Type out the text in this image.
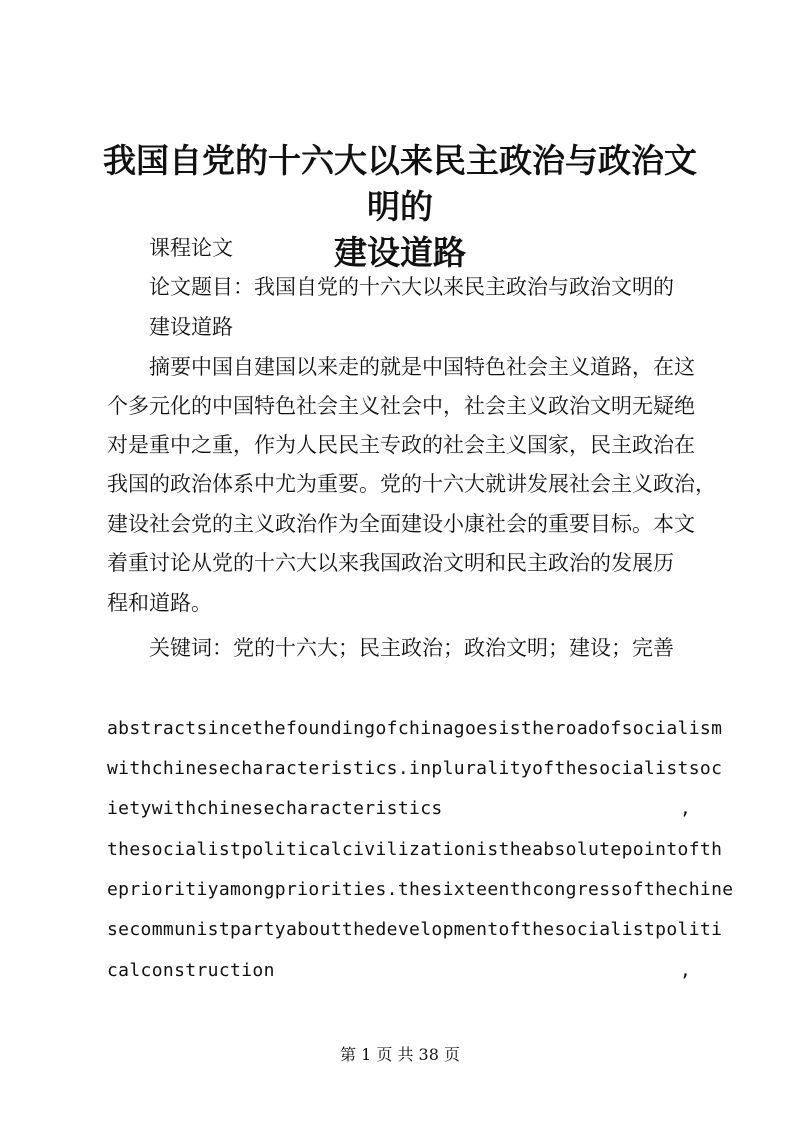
我国自党的十六大以来民主政治与政治文明的
建设道路
课程论文
论文题目：我国自党的十六大以来民主政治与政治文明的
建设道路
摘要中国自建国以来走的就是中国特色社会主义道路，在这
个多元化的中国特色社会主义社会中，社会主义政治文明无疑绝
对是重中之重，作为人民民主专政的社会主义国家，民主政治在
我国的政治体系中尤为重要。党的十六大就讲发展社会主义政治，
建设社会党的主义政治作为全面建设小康社会的重要目标。本文
着重讨论从党的十六大以来我国政治文明和民主政治的发展历
程和道路。
关键词：党的十六大；民主政治；政治文明；建设；完善
abstractsincethefoundingofchinagoesistheroadofsocialism
withchinesecharacteristics.inpluralityofthesocialistsoc
ietywithchinesecharacteristics	,
thesocialistpoliticalcivilizationistheabsolutepointofth
eprioritiyamongpriorities.thesixteenthcongressofthechine
secommunistpartyaboutthedevelopmentofthesocialistpoliti
calconstruction	,
第 1 页 共 38 页
